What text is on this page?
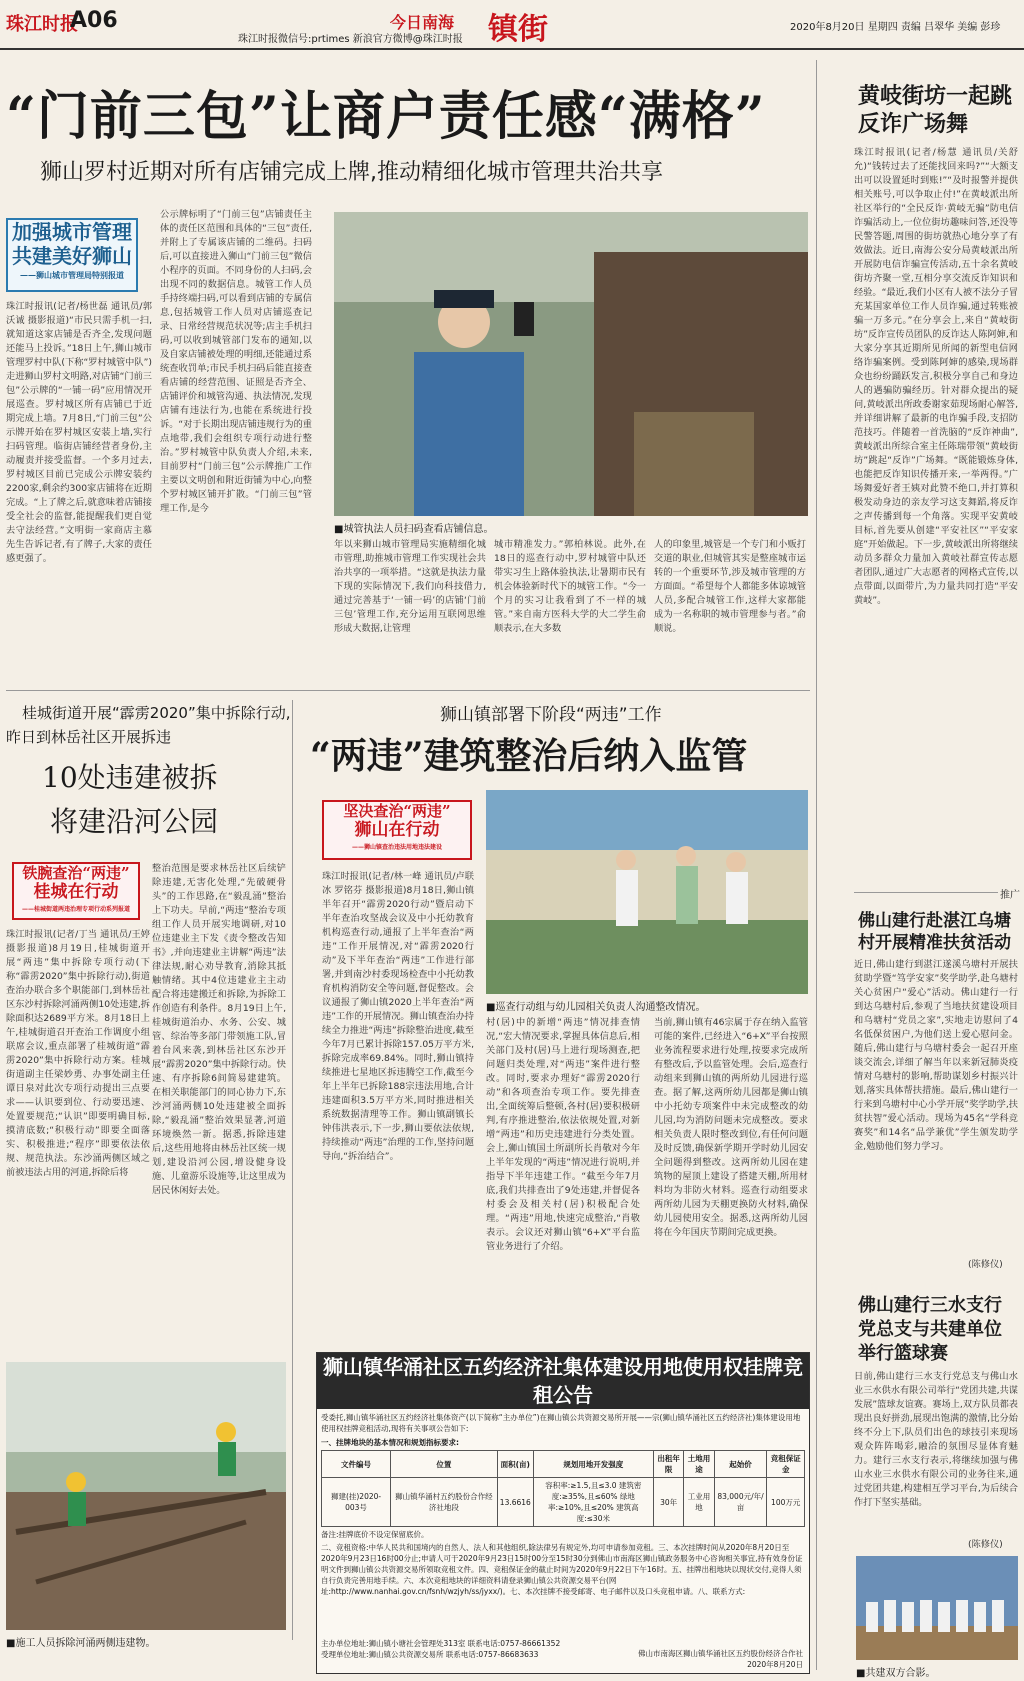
珠江时报
A06
珠江时报微信号:prtimes 新浪官方微博@珠江时报
今日南海 镇街	2020年8月20日 星期四 责编 吕翠华 美编 彭珍
“门前三包”让商户责任感“满格”
狮山罗村近期对所有店铺完成上牌,推动精细化城市管理共治共享
加强城市管理
共建美好狮山
——狮山城市管理局特别报道
珠江时报讯(记者/杨世磊 通讯员/郭沃诚 摄影报道)“市民只需手机一扫,就知道这家店铺是否齐全,发现问题还能马上投诉。”18日上午,狮山城市管理罗村中队(下称“罗村城管中队”)走进狮山罗村文明路,对店铺“门前三包”公示牌的“一铺一码”应用情况开展巡查。罗村城区所有店铺已于近期完成上墙。7月8日,“门前三包”公示牌开始在罗村城区安装上墙,实行扫码管理。临街店铺经营者身份,主动履责并接受监督。一个多月过去,罗村城区目前已完成公示牌安装约2200家,剩余约300家店铺将在近期完成。“上了牌之后,就意味着店铺接受全社会的监督,能提醒我们更自觉去守法经营。”文明街一家商店主慕先生告诉记者,有了牌子,大家的责任感更强了。
公示牌标明了“门前三包”店铺责任主体的责任区范围和具体的“三包”责任,并附上了专属该店铺的二维码。扫码后,可以直接进入狮山“门前三包”微信小程序的页面。不同身份的人扫码,会出现不同的数据信息。城管工作人员手持终端扫码,可以看到店铺的专属信息,包括城管工作人员对店铺巡查记录、日常经营规范状况等;店主手机扫码,可以收到城管部门发布的通知,以及自家店铺被处理的明细,还能通过系统查收罚单;市民手机扫码后能直接查看店铺的经营范围、证照是否齐全、店铺评价和城管沟通、执法情况,发现店铺有违法行为,也能在系统进行投诉。“对于长期出现店铺违规行为的重点地带,我们会组织专项行动进行整治。”罗村城管中队负责人介绍,未来,目前罗村“门前三包”公示牌推广工作主要以文明创和附近街铺为中心,向整个罗村城区铺开扩散。“门前三包”管理工作,是今
■城管执法人员扫码查看店铺信息。
年以来狮山城市管理局实施精细化城市管理,助推城市管理工作实现社会共治共享的一项举措。“这就是执法力量下现的实际情况下,我们向科技借力,通过完善基于‘一铺一码’的店铺‘门前三包’管理工作,充分运用互联网思维形成大数据,让管理
城市精准发力。”郭柏林说。此外,在18日的巡查行动中,罗村城管中队还带实习生上路体验执法,让暑期市民有机会体验新时代下的城管工作。“今一个月的实习让我看到了不一样的城管。”来自南方医科大学的大二学生俞顺表示,在大多数
人的印象里,城管是一个专门和小贩打交道的职业,但城管其实是整座城市运转的一个重要环节,涉及城市管理的方方面面。“希望每个人都能多体谅城管人员,多配合城管工作,这样大家都能成为一名称职的城市管理参与者。”俞顺说。
桂城街道开展“霹雳2020”集中拆除行动,
昨日到林岳社区开展拆违
10处违建被拆
将建沿河公园
铁腕查治“两违”
桂城在行动
——桂城街道两违治理专项行动系列报道
珠江时报讯(记者/丁当 通讯员/王婷 摄影报道)8月19日,桂城街道开展“两违”集中拆除专项行动(下称“霹雳2020”集中拆除行动),街道查治办联合多个职能部门,到林岳社区东沙村拆除河涌两侧10处违建,拆除面积达2689平方米。8月18日上午,桂城街道召开查治工作调度小组联席会议,重点部署了桂城街道“霹雳2020”集中拆除行动方案。桂城街道副主任梁妙勇、办事处副主任谭日泉对此次专项行动提出三点要求——认识要到位、行动要迅速、处置要规范;“认识”即要明确目标,摸清底数;“积极行动”即要全面落实、积极推进;“程序”即要依法依规、规范执法。东沙涌两侧区域之前被违法占用的河道,拆除后将
整治范围是要求林岳社区后续铲除违建,无害化处理,“先破硬骨头”的工作思路,在“毅乱涌”整治上下功夫。早前,“两违”整治专项组工作人员开展实地调研,对10位违建业主下发《责令整改告知书》,并向违建业主讲解“两违”法律法规,耐心劝导教育,消除其抵触情绪。其中4位违建业主主动配合将违建搬迁和拆除,为拆除工作创造有利条件。8月19日上午,桂城街道治办、水务、公安、城管、综治等多部门带领施工队,冒着台风来袭,到林岳社区东沙开展“霹雳2020”集中拆除行动。快速、有序拆除6间简易建建筑。在相关职能部门的同心协力下,东沙河涌两侧10处违建被全面拆除,“毅乱涌”整治效果显著,河道环境焕然一新。据悉,拆除违建后,这些用地将由林岳社区统一规划,建设沿河公园,增设健身设施、儿童游乐设施等,让这里成为居民休闲好去处。
■施工人员拆除河涌两侧违建物。
狮山镇部署下阶段“两违”工作
“两违”建筑整治后纳入监管
坚决查治“两违”
狮山在行动
——狮山镇查治违法用地违法建设
珠江时报讯(记者/林一峰 通讯员/卢联冰 罗铭芬 摄影报道)8月18日,狮山镇半年召开“霹雳2020行动”暨启动下半年查治攻坚战会议及中小托幼教育机构巡查行动,通报了上半年查治“两违”工作开展情况,对“霹雳2020行动”及下半年查治“两违”工作进行部署,并到南沙村委现场检查中小托幼教育机构消防安全等问题,督促整改。会议通报了狮山镇2020上半年查治“两违”工作的开展情况。狮山镇查治办持续全力推进“两违”拆除整治进度,截至今年7月已累计拆除157.05万平方米,拆除完成率69.84%。同时,狮山镇持续推进七星地区拆违腾空工作,截至今年上半年已拆除188宗违法用地,合计违建面积3.5万平方米,同时推进相关系统数据清理等工作。狮山镇副镇长钟伟洪表示,下一步,狮山要依法依规,持续推动“两违”治理的工作,坚持问题导向,“拆治结合”。
■巡查行动组与幼儿园相关负责人沟通整改情况。
村(居)中的新增“两违”情况排查情况,“宏大情况要求,掌握具体信息后,相关部门及村(居)马上进行现场测查,把问题归类处理,对“两违”案件进行整改。同时,要求办理好“霹雳2020行动”和各项查治专项工作。要先排查出,全面统筹后整顿,各村(居)要积极研判,有序推进整治,依法依规处置,对新增“两违”和历史违建进行分类处置。会上,狮山镇国土所副所长肖敬对今年上半年发现的“两违”情况进行说明,并指导下半年违建工作。“截至今年7月底,我们共排查出了9处违建,并督促各村委会及相关村(居)积极配合处理。“两违”用地,快速完成整治,“肖敬表示。会议还对狮山镇“6+X”平台监管业务进行了介绍。
当前,狮山镇有46宗属于存在纳入监管可能的案件,已经进入“6+X”平台按照业务流程要求进行处理,按要求完成所有整改后,予以监管处理。会后,巡查行动组来到狮山镇的两所幼儿园进行巡查。据了解,这两所幼儿园都是狮山镇中小托幼专项案件中未完成整改的幼儿园,均为消防问题未完成整改。要求相关负责人限时整改到位,有任何问题及时反馈,确保新学期开学时幼儿园安全问题得到整改。这两所幼儿园在建筑物的屋顶上建设了搭建天棚,所用材料均为非防火材料。巡查行动组要求两所幼儿园为天棚更换防火材料,确保幼儿园使用安全。据悉,这两所幼儿园将在今年国庆节期间完成更换。
狮山镇华涌社区五约经济社集体建设用地使用权挂牌竞租公告
受委托,狮山镇华涌社区五约经济社集体资产(以下简称“主办单位”)在狮山镇公共资源交易所开展——宗(狮山镇华涌社区五约经济社)集体建设用地使用权挂牌竞租活动,现将有关事项公告如下:
一、挂牌地块的基本情况和规划指标要求:
文件编号	位置	面积(亩)	规划用地开发强度	出租年限	土地用途	起始价	竞租保证金
狮建(挂)2020-003号	狮山镇华涌村五约股份合作经济社地段	13.6616	容积率:≥1.5,且≤3.0 建筑密度:≥35%,且≤60% 绿地率:≥10%,且≤20% 建筑高度:≤30米	30年	工业用地	83,000元/年/亩	100万元
备注:挂牌底价不设定保留底价。
二、竞租资格:中华人民共和国境内的自然人、法人和其他组织,除法律另有规定外,均可申请参加竞租。三、本次挂牌时间从2020年8月20日至2020年9月23日16时00分止;申请人可于2020年9月23日15时00分至15时30分到佛山市南海区狮山镇政务服务中心咨询相关事宜,持有效身份证明文件到狮山镇公共资源交易所领取竞租文件。四、竞租保证金的截止时间为2020年9月22日下午16时。五、挂牌出租地块以现状交付,竞得人须自行负责完善用地手续。六、本次竞租地块的详细资料请登录狮山镇公共资源交易平台(网址:http://www.nanhai.gov.cn/fsnh/wzjyh/ss/jyxx/)。七、本次挂牌不接受邮寄、电子邮件以及口头竞租申请。八、联系方式:
主办单位地址:狮山镇小塘社会管理处313室 联系电话:0757-86661352
受理单位地址:狮山镇公共资源交易所 联系电话:0757-86683633	佛山市南海区狮山镇华涌社区五约股份经济合作社
2020年8月20日
黄岐街坊一起跳反诈广场舞
珠江时报讯(记者/杨慧 通讯员/关舒允)“钱转过去了还能找回来吗?”“大额支出可以设置延时到账!”“及时报警并提供相关账号,可以争取止付!”在黄岐派出所社区举行的“全民反诈·黄岐无骗”防电信诈骗活动上,一位位街坊趣味问答,还没等民警答题,周围的街坊就热心地分享了有效做法。近日,南海公安分局黄岐派出所开展防电信诈骗宣传活动,五十余名黄岐街坊齐聚一堂,互相分享交流反诈知识和经验。“最近,我们小区有人被不法分子冒充某国家单位工作人员诈骗,通过转账被骗一万多元。”在分享会上,来自“黄岐街坊”反诈宣传员团队的反诈达人陈阿婶,和大家分享其近期所见所闻的新型电信网络诈骗案例。受到陈阿婶的感染,现场群众也纷纷踊跃发言,积极分享自己和身边人的遇骗防骗经历。针对群众提出的疑问,黄岐派出所政委谢家茹现场耐心解答,并详细讲解了最新的电诈骗手段,支招防范技巧。伴随着一首洗脑的“反诈神曲”,黄岐派出所综合室主任陈瑞带领“黄岐街坊”跳起“反诈”广场舞。“既能锻炼身体,也能把反诈知识传播开来,一举两得。”广场舞爱好者王姨对此赞不绝口,并打算积极发动身边的亲友学习这支舞蹈,将反诈之声传播到每一个角落。实现平安黄岐目标,首先要从创建“平安社区”“平安家庭”开始做起。下一步,黄岐派出所将继续动员多群众力量加入黄岐社群宣传志愿者团队,通过广大志愿者的网格式宣传,以点带面,以面带片,为力量共同打造“平安黄岐”。
推广
佛山建行赴湛江乌塘村开展精准扶贫活动
近日,佛山建行到湛江遂溪乌塘村开展扶贫助学暨“笃学安家”奖学助学,赴乌塘村关心贫困户“爱心”活动。佛山建行一行到达乌塘村后,参观了当地扶贫建设项目和乌塘村“党员之家”,实地走访慰问了4名低保贫困户,为他们送上爱心慰问金。随后,佛山建行与乌塘村委会一起召开座谈交流会,详细了解当年以来新冠肺炎疫情对乌塘村的影响,帮助谋划乡村振兴计划,落实具体帮扶措施。最后,佛山建行一行来到乌塘村中心小学开展“奖学助学,扶贫扶智”爱心活动。现场为45名“学科竞赛奖”和14名“品学兼优”学生颁发助学金,勉励他们努力学习。
(陈修仪)
佛山建行三水支行党总支与共建单位举行篮球赛
日前,佛山建行三水支行党总支与佛山水业三水供水有限公司举行“党团共建,共谋发展”篮球友谊赛。赛场上,双方队员都表现出良好拼劲,展现出饱满的激情,比分始终不分上下,队员们出色的球技引来现场观众阵阵喝彩,融洽的氛围尽显体育魅力。建行三水支行表示,将继续加强与佛山水业三水供水有限公司的业务往来,通过党团共建,构建相互学习平台,为后续合作打下坚实基础。
(陈修仪)
■共建双方合影。
